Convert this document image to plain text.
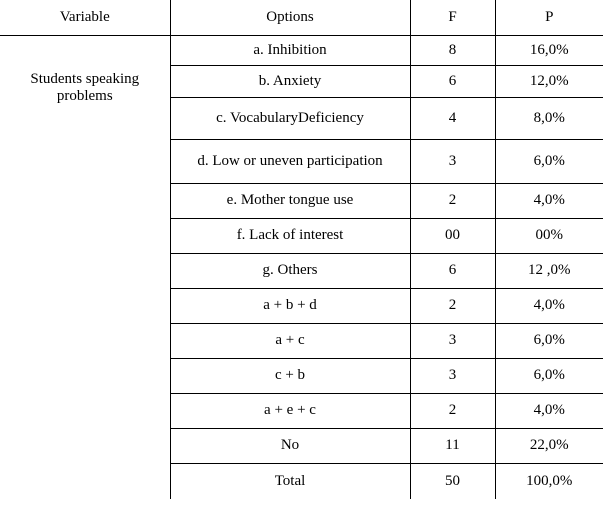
Variable	Options	F	P
Students speaking problems	a. Inhibition	8	16,0%
	b. Anxiety	6	12,0%
	c. VocabularyDeficiency	4	8,0%
	d. Low or uneven participation	3	6,0%
	e. Mother tongue use	2	4,0%
	f. Lack of interest	00	00%
	g. Others	6	12 ,0%
	a + b + d	2	4,0%
	a + c	3	6,0%
	c + b	3	6,0%
	a + e + c	2	4,0%
	No	11	22,0%
	Total	50	100,0%
